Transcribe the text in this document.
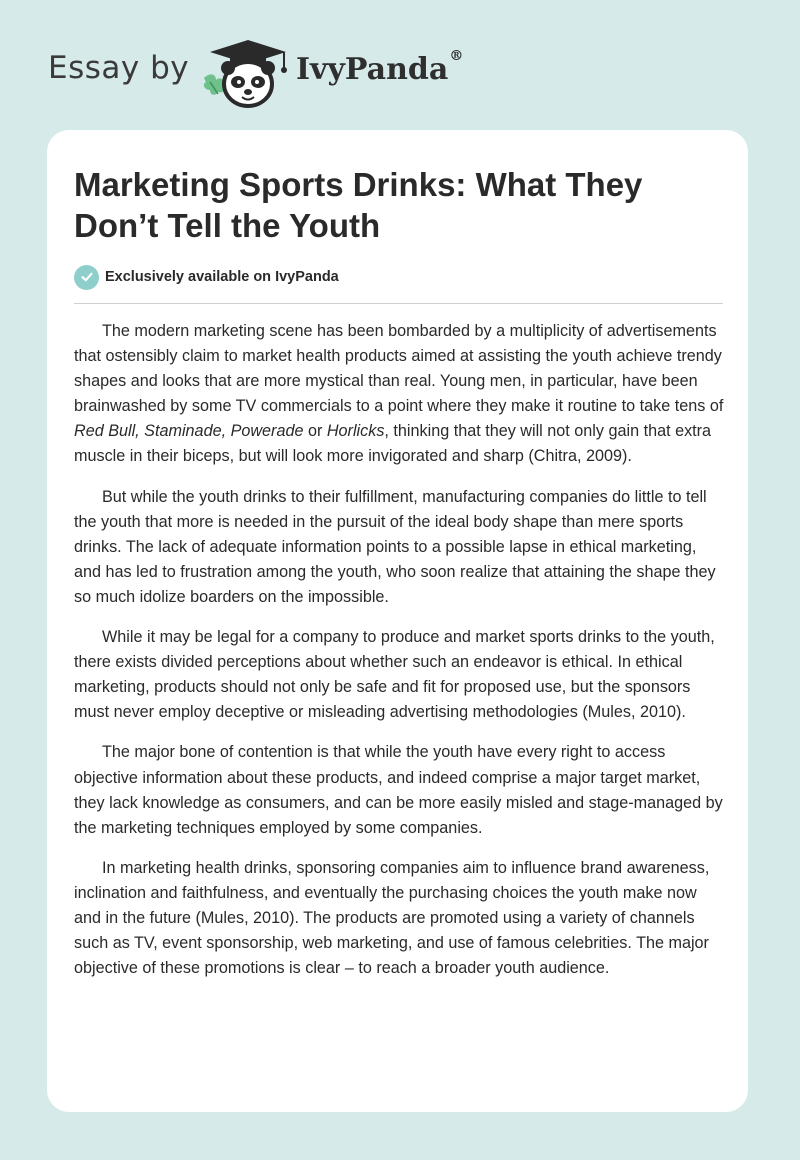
Essay by	IvyPanda®
Marketing Sports Drinks: What They Don’t Tell the Youth
Exclusively available on IvyPanda

The modern marketing scene has been bombarded by a multiplicity of advertisements that ostensibly claim to market health products aimed at assisting the youth achieve trendy shapes and looks that are more mystical than real. Young men, in particular, have been brainwashed by some TV commercials to a point where they make it routine to take tens of Red Bull, Staminade, Powerade or Horlicks, thinking that they will not only gain that extra muscle in their biceps, but will look more invigorated and sharp (Chitra, 2009).

But while the youth drinks to their fulfillment, manufacturing companies do little to tell the youth that more is needed in the pursuit of the ideal body shape than mere sports drinks. The lack of adequate information points to a possible lapse in ethical marketing, and has led to frustration among the youth, who soon realize that attaining the shape they so much idolize boarders on the impossible.

While it may be legal for a company to produce and market sports drinks to the youth, there exists divided perceptions about whether such an endeavor is ethical. In ethical marketing, products should not only be safe and fit for proposed use, but the sponsors must never employ deceptive or misleading advertising methodologies (Mules, 2010).

The major bone of contention is that while the youth have every right to access objective information about these products, and indeed comprise a major target market, they lack knowledge as consumers, and can be more easily misled and stage-managed by the marketing techniques employed by some companies.

In marketing health drinks, sponsoring companies aim to influence brand awareness, inclination and faithfulness, and eventually the purchasing choices the youth make now and in the future (Mules, 2010). The products are promoted using a variety of channels such as TV, event sponsorship, web marketing, and use of famous celebrities. The major objective of these promotions is clear – to reach a broader youth audience.
